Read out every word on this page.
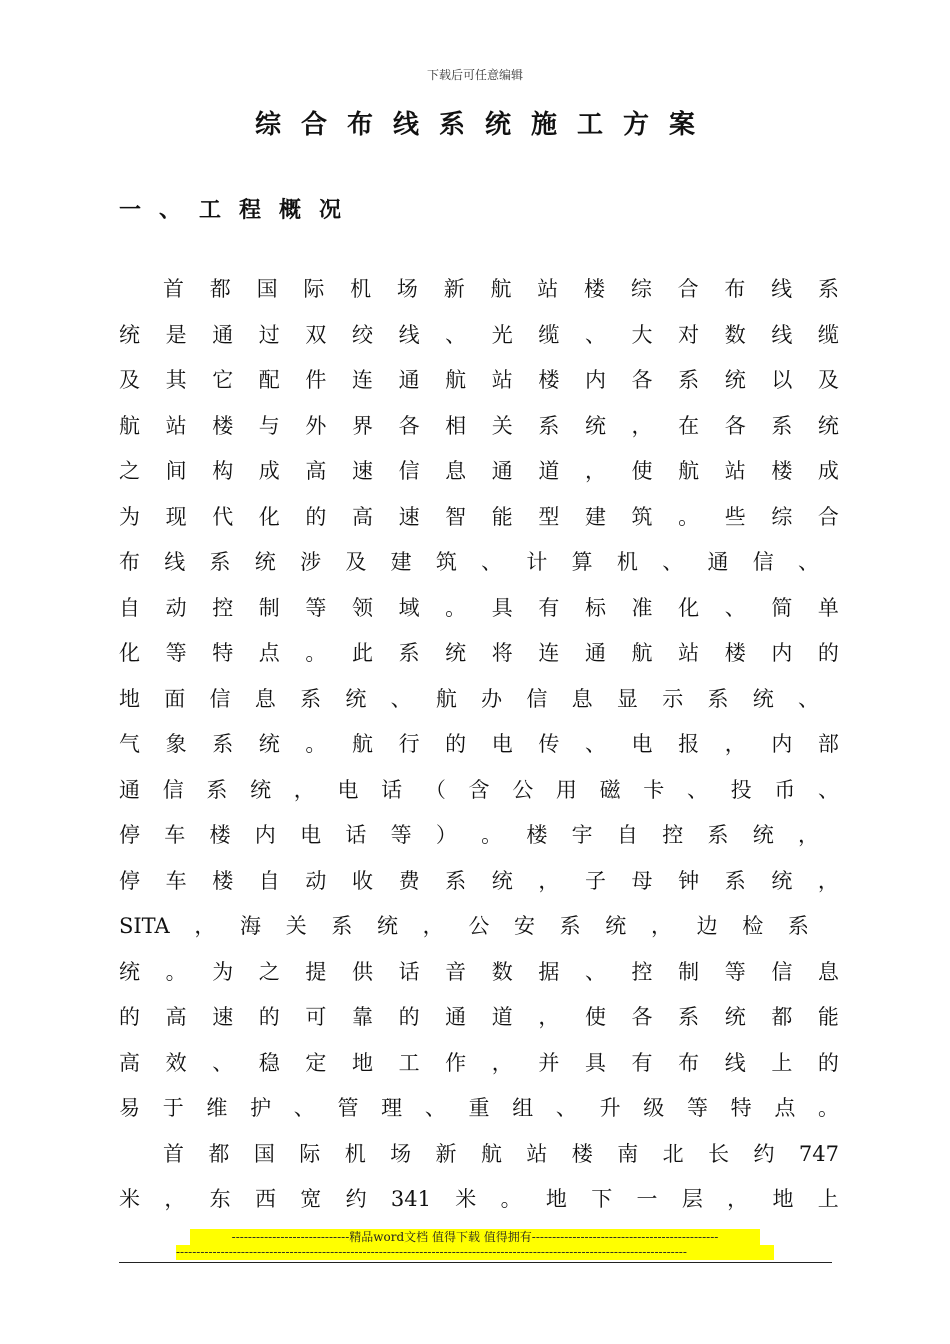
下载后可任意编辑
综合布线系统施工方案
一、工程概况
首 都 国 际 机 场 新 航 站 楼 综 合 布 线 系
统 是 通 过 双 绞 线 、 光 缆 、 大 对 数 线 缆
及 其 它 配 件 连 通 航 站 楼 内 各 系 统 以 及
航 站 楼 与 外 界 各 相 关 系 统 ， 在 各 系 统
之 间 构 成 高 速 信 息 通 道 ， 使 航 站 楼 成
为 现 代 化 的 高 速 智 能 型 建 筑 。 些 综 合
布 线 系 统 涉 及 建 筑 、 计 算 机 、 通 信 、
自 动 控 制 等 领 域 。 具 有 标 准 化 、 简 单
化 等 特 点 。 此 系 统 将 连 通 航 站 楼 内 的
地 面 信 息 系 统 、 航 办 信 息 显 示 系 统 、
气 象 系 统 。 航 行 的 电 传 、 电 报 ， 内 部
通 信 系 统 ， 电 话 （ 含 公 用 磁 卡 、 投 币 、
停 车 楼 内 电 话 等 ） 。 楼 宇 自 控 系 统 ，
停 车 楼 自 动 收 费 系 统 ， 子 母 钟 系 统 ，
SITA ， 海 关 系 统 ， 公 安 系 统 ， 边 检 系
统 。 为 之 提 供 话 音 数 据 、 控 制 等 信 息
的 高 速 的 可 靠 的 通 道 ， 使 各 系 统 都 能
高 效 、 稳 定 地 工 作 ， 并 具 有 布 线 上 的
易 于 维 护 、 管 理 、 重 组 、 升 级 等 特 点 。
首 都 国 际 机 场 新 航 站 楼 南 北 长 约 747
米 ， 东 西 宽 约 341 米 。 地 下 一 层 ， 地 上
-----------------------------精品word文档 值得下载 值得拥有----------------------------------------------
------------------------------------------------------------------------------------------------------------------------------
